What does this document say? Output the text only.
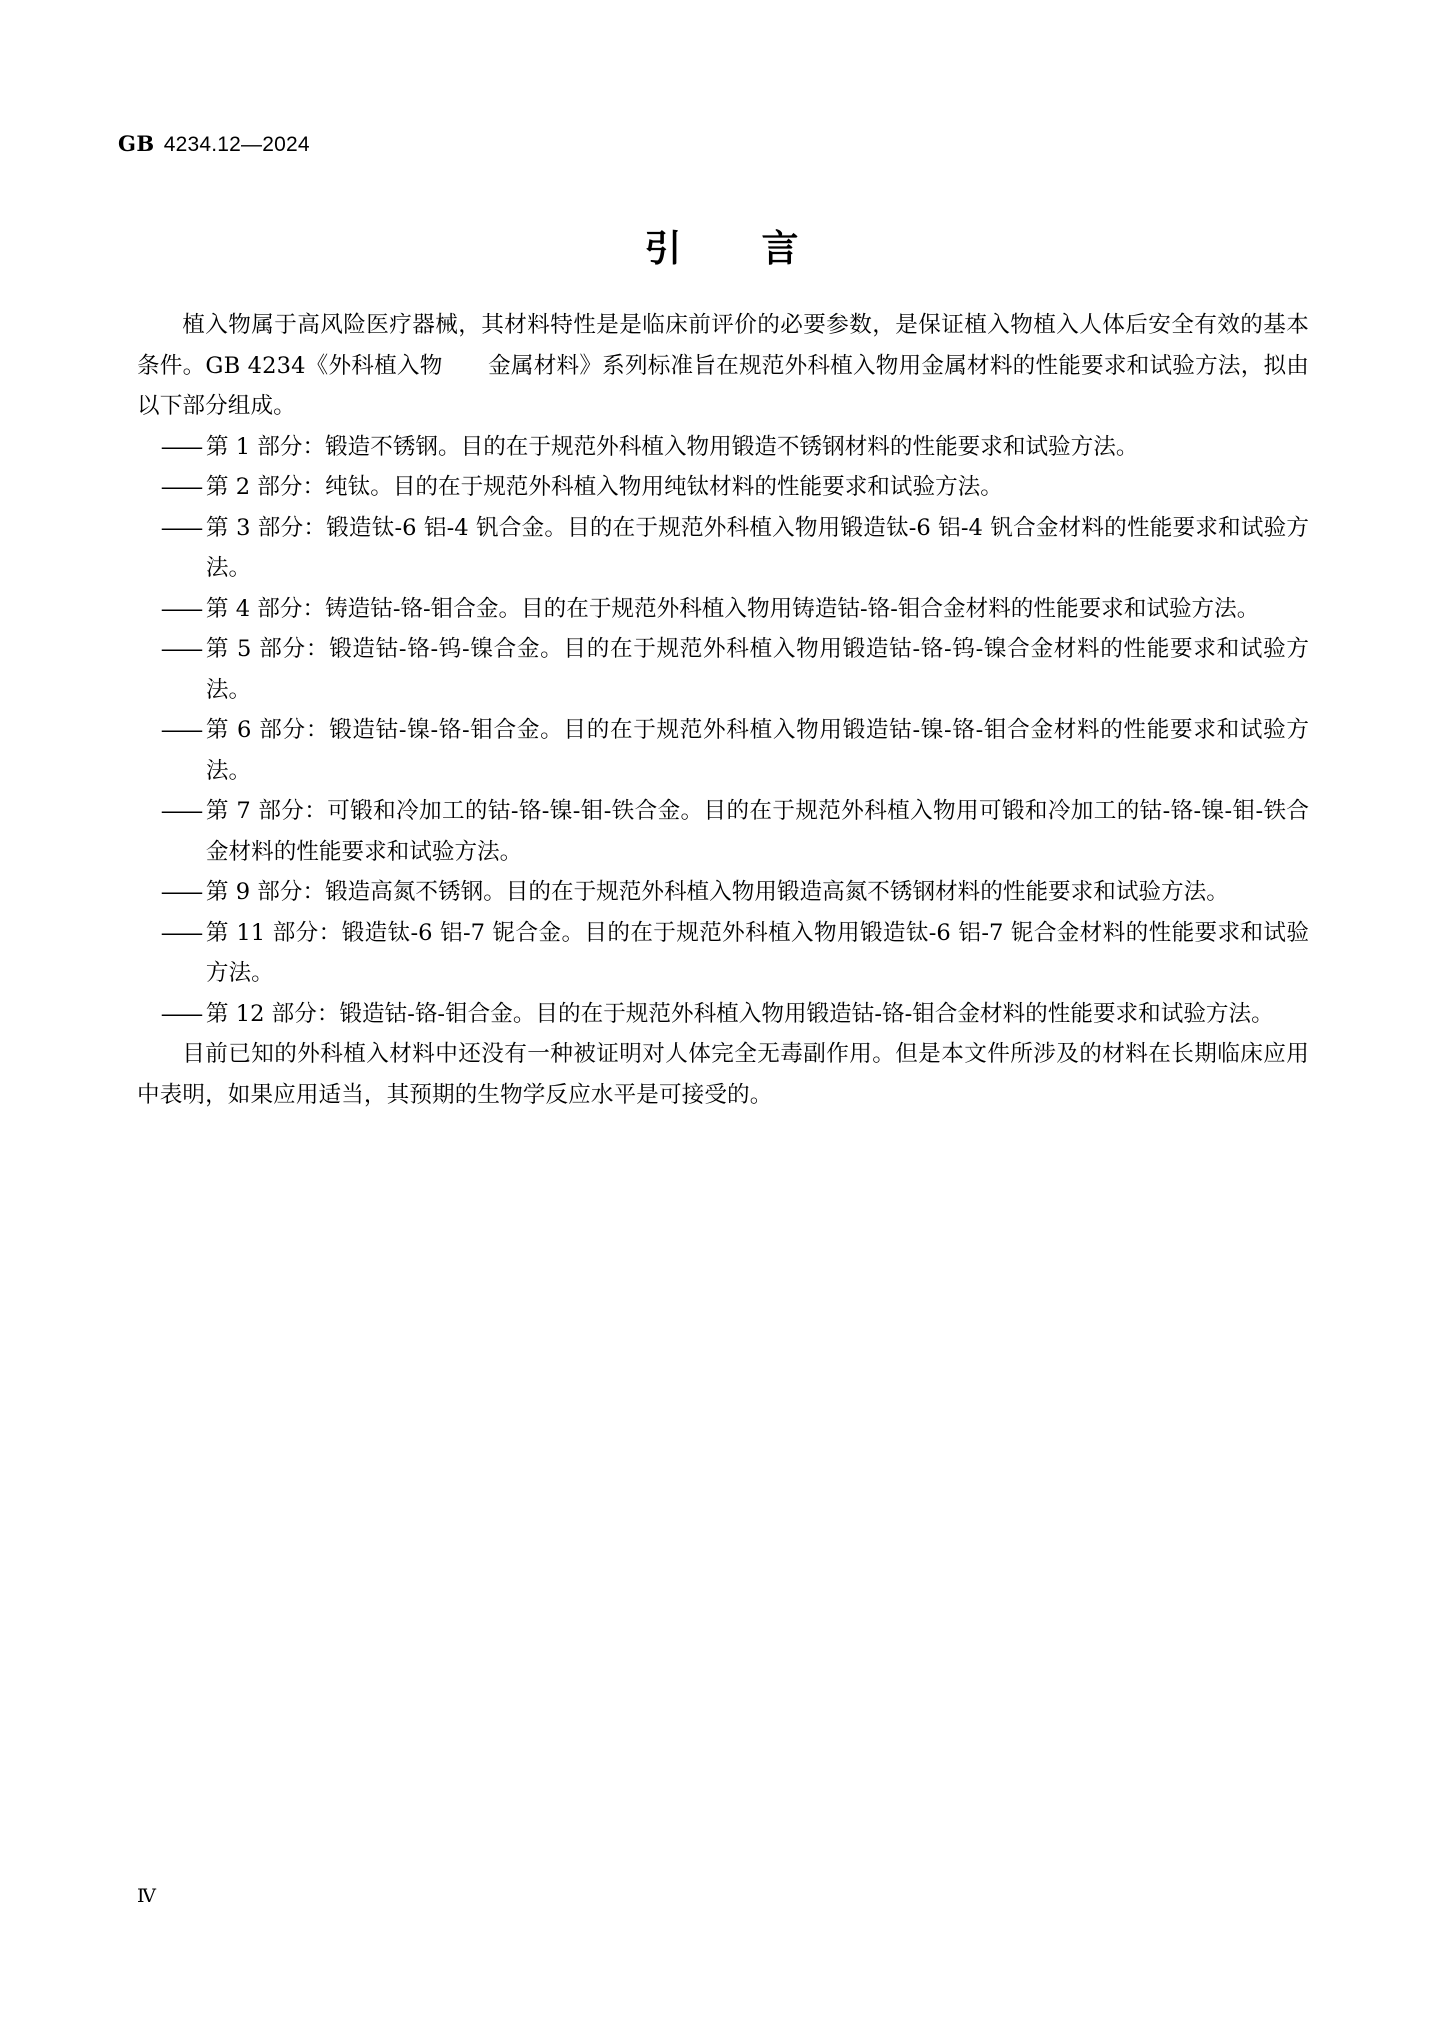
GB 4234.12—2024
引　　言

植入物属于高风险医疗器械，其材料特性是是临床前评价的必要参数，是保证植入物植入人体后安全有效的基本条件。GB 4234《外科植入物　　金属材料》系列标准旨在规范外科植入物用金属材料的性能要求和试验方法，拟由以下部分组成。

—— 第 1 部分：锻造不锈钢。目的在于规范外科植入物用锻造不锈钢材料的性能要求和试验方法。
—— 第 2 部分：纯钛。目的在于规范外科植入物用纯钛材料的性能要求和试验方法。
—— 第 3 部分：锻造钛-6 铝-4 钒合金。目的在于规范外科植入物用锻造钛-6 铝-4 钒合金材料的性能要求和试验方法。
—— 第 4 部分：铸造钴-铬-钼合金。目的在于规范外科植入物用铸造钴-铬-钼合金材料的性能要求和试验方法。
—— 第 5 部分：锻造钴-铬-钨-镍合金。目的在于规范外科植入物用锻造钴-铬-钨-镍合金材料的性能要求和试验方法。
—— 第 6 部分：锻造钴-镍-铬-钼合金。目的在于规范外科植入物用锻造钴-镍-铬-钼合金材料的性能要求和试验方法。
—— 第 7 部分：可锻和冷加工的钴-铬-镍-钼-铁合金。目的在于规范外科植入物用可锻和冷加工的钴-铬-镍-钼-铁合金材料的性能要求和试验方法。
—— 第 9 部分：锻造高氮不锈钢。目的在于规范外科植入物用锻造高氮不锈钢材料的性能要求和试验方法。
—— 第 11 部分：锻造钛-6 铝-7 铌合金。目的在于规范外科植入物用锻造钛-6 铝-7 铌合金材料的性能要求和试验方法。
—— 第 12 部分：锻造钴-铬-钼合金。目的在于规范外科植入物用锻造钴-铬-钼合金材料的性能要求和试验方法。

目前已知的外科植入材料中还没有一种被证明对人体完全无毒副作用。但是本文件所涉及的材料在长期临床应用中表明，如果应用适当，其预期的生物学反应水平是可接受的。

Ⅳ
